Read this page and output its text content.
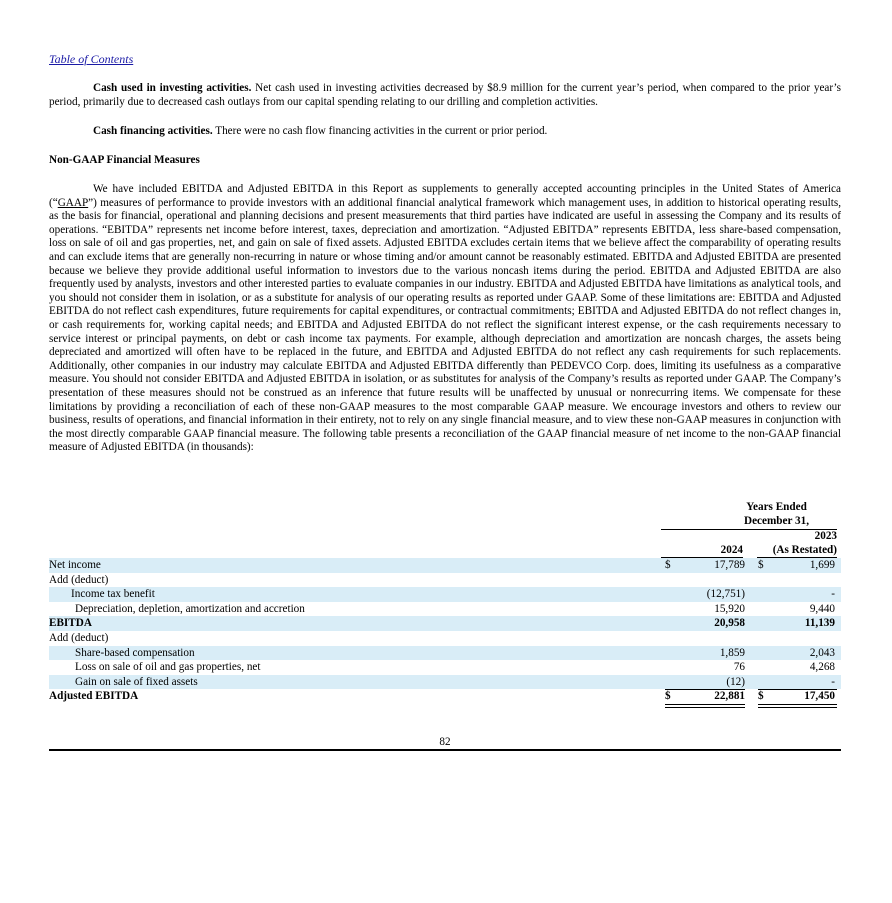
Table of Contents

Cash used in investing activities. Net cash used in investing activities decreased by $8.9 million for the current year’s period, when compared to the prior year’s period, primarily due to decreased cash outlays from our capital spending relating to our drilling and completion activities.

Cash financing activities. There were no cash flow financing activities in the current or prior period.

Non-GAAP Financial Measures

We have included EBITDA and Adjusted EBITDA in this Report as supplements to generally accepted accounting principles in the United States of America (“GAAP”) measures of performance to provide investors with an additional financial analytical framework which management uses, in addition to historical operating results, as the basis for financial, operational and planning decisions and present measurements that third parties have indicated are useful in assessing the Company and its results of operations. “EBITDA” represents net income before interest, taxes, depreciation and amortization. “Adjusted EBITDA” represents EBITDA, less share-based compensation, loss on sale of oil and gas properties, net, and gain on sale of fixed assets. Adjusted EBITDA excludes certain items that we believe affect the comparability of operating results and can exclude items that are generally non-recurring in nature or whose timing and/or amount cannot be reasonably estimated. EBITDA and Adjusted EBITDA are presented because we believe they provide additional useful information to investors due to the various noncash items during the period. EBITDA and Adjusted EBITDA are also frequently used by analysts, investors and other interested parties to evaluate companies in our industry. EBITDA and Adjusted EBITDA have limitations as analytical tools, and you should not consider them in isolation, or as a substitute for analysis of our operating results as reported under GAAP. Some of these limitations are: EBITDA and Adjusted EBITDA do not reflect cash expenditures, future requirements for capital expenditures, or contractual commitments; EBITDA and Adjusted EBITDA do not reflect changes in, or cash requirements for, working capital needs; and EBITDA and Adjusted EBITDA do not reflect the significant interest expense, or the cash requirements necessary to service interest or principal payments, on debt or cash income tax payments. For example, although depreciation and amortization are noncash charges, the assets being depreciated and amortized will often have to be replaced in the future, and EBITDA and Adjusted EBITDA do not reflect any cash requirements for such replacements. Additionally, other companies in our industry may calculate EBITDA and Adjusted EBITDA differently than PEDEVCO Corp. does, limiting its usefulness as a comparative measure. You should not consider EBITDA and Adjusted EBITDA in isolation, or as substitutes for analysis of the Company’s results as reported under GAAP. The Company’s presentation of these measures should not be construed as an inference that future results will be unaffected by unusual or nonrecurring items. We compensate for these limitations by providing a reconciliation of each of these non-GAAP measures to the most comparable GAAP measure. We encourage investors and others to review our business, results of operations, and financial information in their entirety, not to rely on any single financial measure, and to view these non-GAAP measures in conjunction with the most directly comparable GAAP financial measure. The following table presents a reconciliation of the GAAP financial measure of net income to the non-GAAP financial measure of Adjusted EBITDA (in thousands):

Years Ended
December 31,
2023
2024	(As Restated)
Net income	$	17,789 $	1,699
Add (deduct)
Income tax benefit	(12,751)	-
Depreciation, depletion, amortization and accretion	15,920	9,440
EBITDA	20,958	11,139
Add (deduct)
Share-based compensation	1,859	2,043
Loss on sale of oil and gas properties, net	76	4,268
Gain on sale of fixed assets	(12)	-
Adjusted EBITDA	$	22,881 $	17,450
82
